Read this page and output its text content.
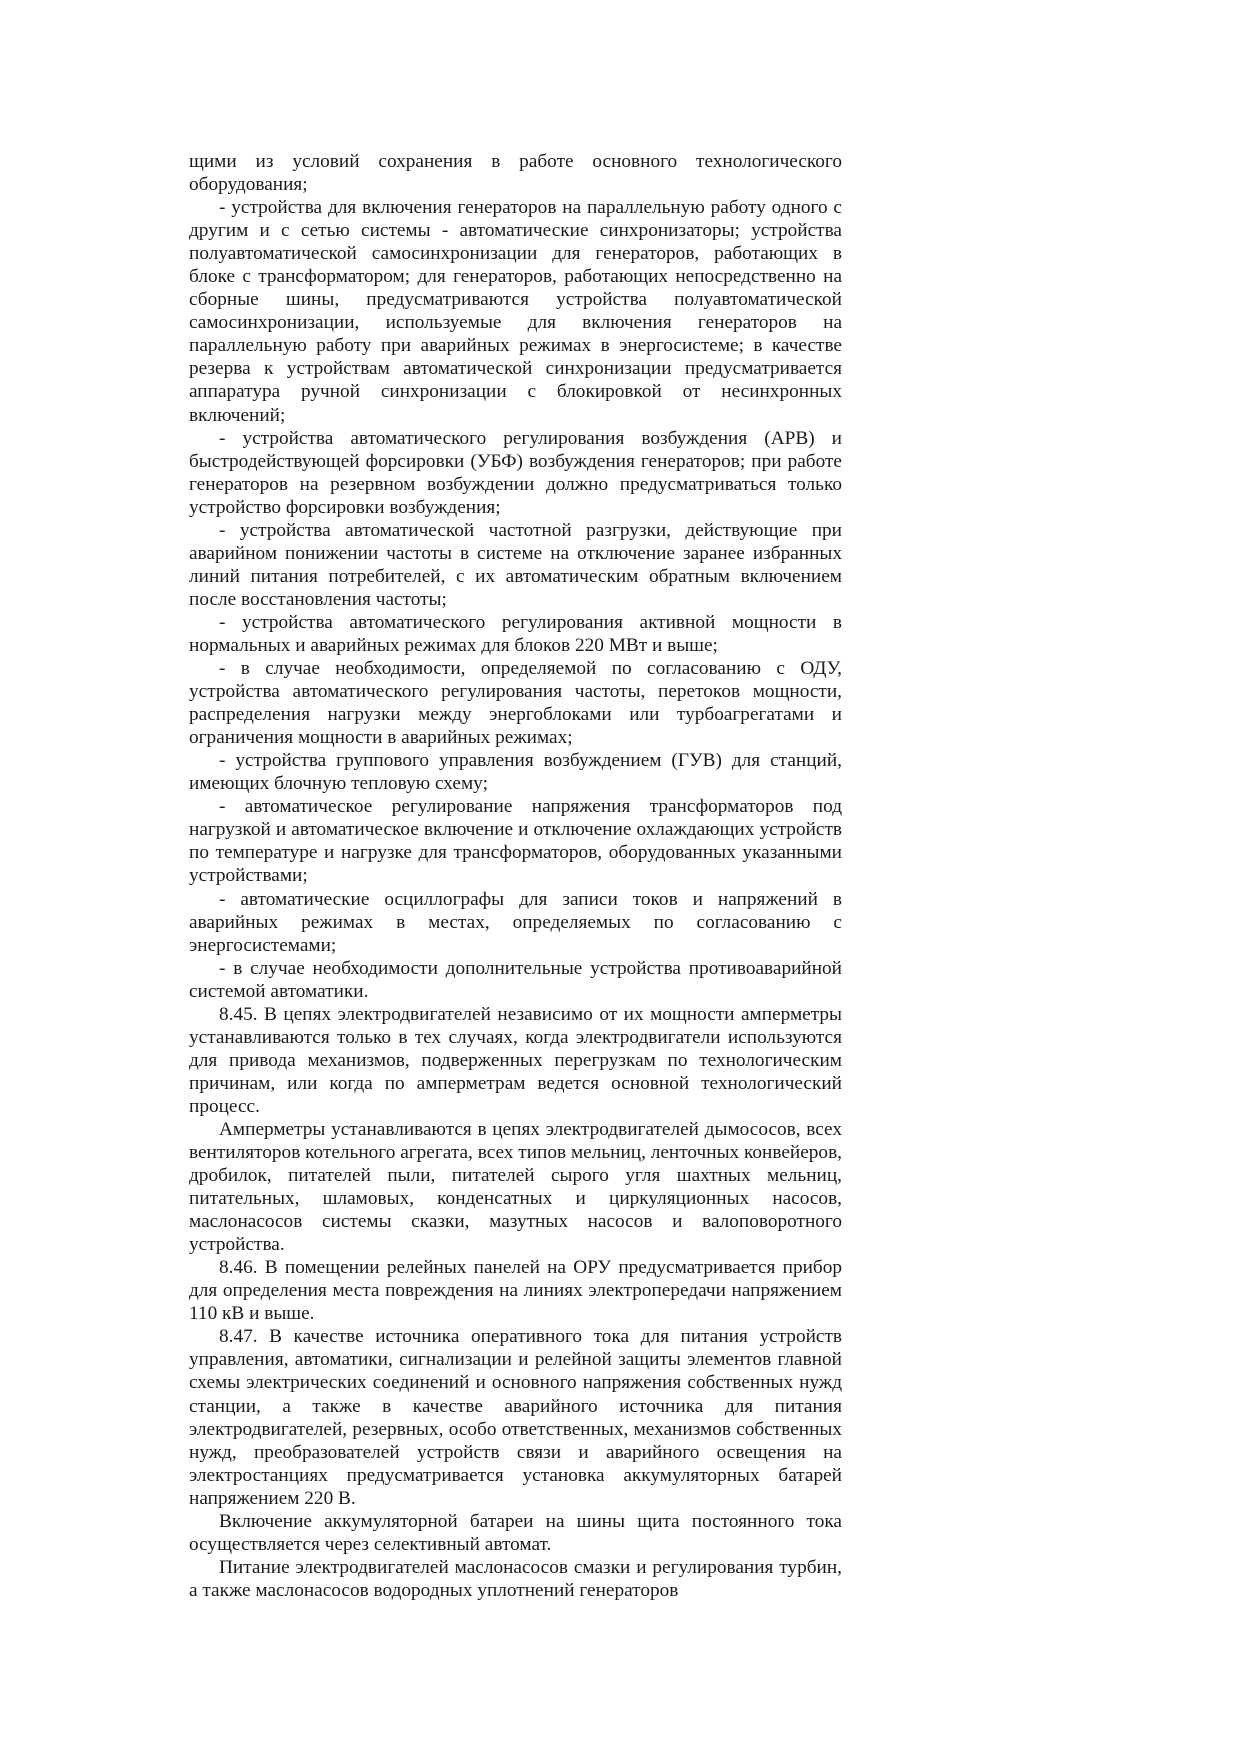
щими из условий сохранения в работе основного технологического оборудования;

- устройства для включения генераторов на параллельную работу одного с другим и с сетью системы - автоматические синхронизаторы; устройства полуавтоматической самосинхронизации для генераторов, работающих в блоке с трансформатором; для генераторов, работающих непосредственно на сборные шины, предусматриваются устройства полуавтоматической самосинхронизации, используемые для включения генераторов на параллельную работу при аварийных режимах в энергосистеме; в качестве резерва к устройствам автоматической синхронизации предусматривается аппаратура ручной синхронизации с блокировкой от несинхронных включений;

- устройства автоматического регулирования возбуждения (АРВ) и быстродействующей форсировки (УБФ) возбуждения генераторов; при работе генераторов на резервном возбуждении должно предусматриваться только устройство форсировки возбуждения;

- устройства автоматической частотной разгрузки, действующие при аварийном понижении частоты в системе на отключение заранее избранных линий питания потребителей, с их автоматическим обратным включением после восстановления частоты;

- устройства автоматического регулирования активной мощности в нормальных и аварийных режимах для блоков 220 МВт и выше;

- в случае необходимости, определяемой по согласованию с ОДУ, устройства автоматического регулирования частоты, перетоков мощности, распределения нагрузки между энергоблоками или турбоагрегатами и ограничения мощности в аварийных режимах;

- устройства группового управления возбуждением (ГУВ) для станций, имеющих блочную тепловую схему;

- автоматическое регулирование напряжения трансформаторов под нагрузкой и автоматическое включение и отключение охлаждающих устройств по температуре и нагрузке для трансформаторов, оборудованных указанными устройствами;

- автоматические осциллографы для записи токов и напряжений в аварийных режимах в местах, определяемых по согласованию с энергосистемами;

- в случае необходимости дополнительные устройства противоаварийной системой автоматики.

8.45. В цепях электродвигателей независимо от их мощности амперметры устанавливаются только в тех случаях, когда электродвигатели используются для привода механизмов, подверженных перегрузкам по технологическим причинам, или когда по амперметрам ведется основной технологический процесс.

Амперметры устанавливаются в цепях электродвигателей дымососов, всех вентиляторов котельного агрегата, всех типов мельниц, ленточных конвейеров, дробилок, питателей пыли, питателей сырого угля шахтных мельниц, питательных, шламовых, конденсатных и циркуляционных насосов, маслонасосов системы сказки, мазутных насосов и валоповоротного устройства.

8.46. В помещении релейных панелей на ОРУ предусматривается прибор для определения места повреждения на линиях электропередачи напряжением 110 кВ и выше.

8.47. В качестве источника оперативного тока для питания устройств управления, автоматики, сигнализации и релейной защиты элементов главной схемы электрических соединений и основного напряжения собственных нужд станции, а также в качестве аварийного источника для питания электродвигателей, резервных, особо ответственных, механизмов собственных нужд, преобразователей устройств связи и аварийного освещения на электростанциях предусматривается установка аккумуляторных батарей напряжением 220 В.

Включение аккумуляторной батареи на шины щита постоянного тока осуществляется через селективный автомат.

Питание электродвигателей маслонасосов смазки и регулирования турбин, а также маслонасосов водородных уплотнений генераторов
